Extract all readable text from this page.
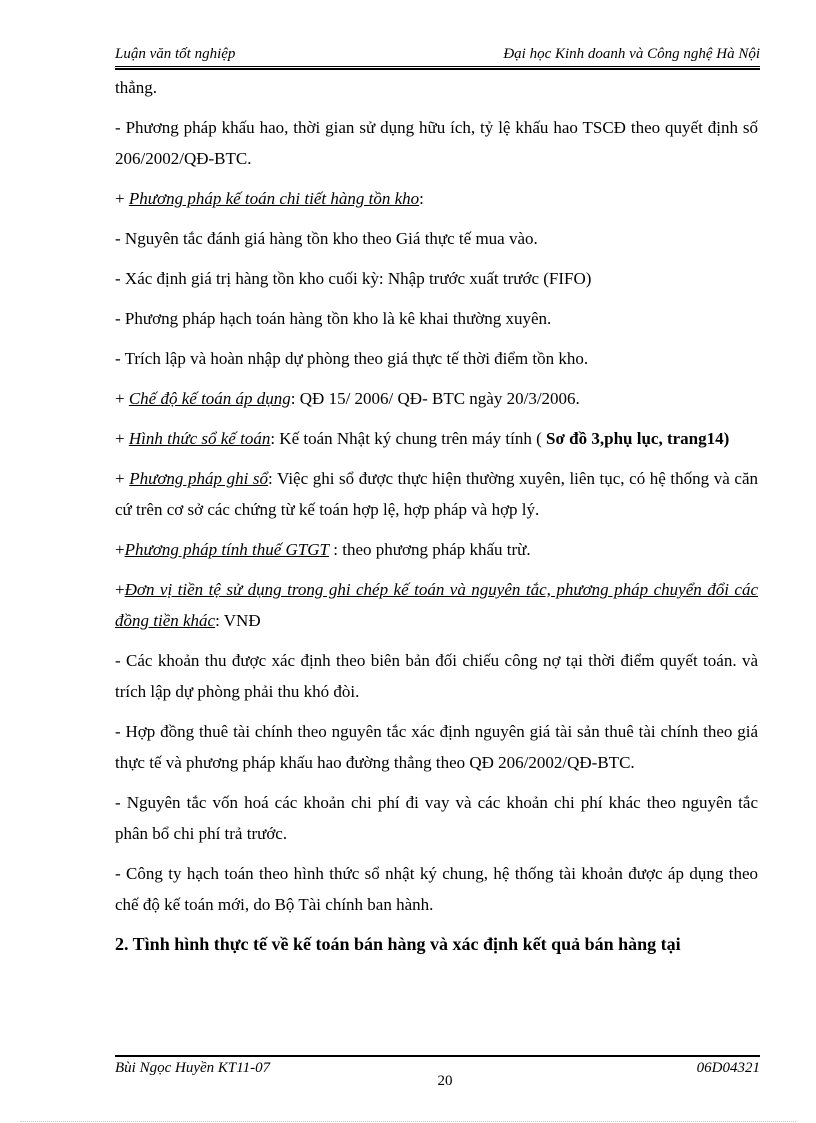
Luận văn tốt nghiệp	Đại học Kinh doanh và Công nghệ Hà Nội

thẳng.

- Phương pháp khấu hao, thời gian sử dụng hữu ích, tỷ lệ khấu hao TSCĐ theo quyết định số 206/2002/QĐ-BTC.

+ Phương pháp kế toán chi tiết hàng tồn kho:

- Nguyên tắc đánh giá hàng tồn kho theo Giá thực tế mua vào.

- Xác định giá trị hàng tồn kho cuối kỳ: Nhập trước xuất trước (FIFO)

- Phương pháp hạch toán hàng tồn kho là kê khai thường xuyên.

- Trích lập và hoàn nhập dự phòng theo giá thực tế thời điểm tồn kho.

+ Chế độ kế toán áp dụng: QĐ 15/ 2006/ QĐ- BTC ngày 20/3/2006.

+ Hình thức sổ kế toán: Kế toán Nhật ký chung trên máy tính ( Sơ đồ 3,phụ lục, trang14)

+ Phương pháp ghi sổ: Việc ghi sổ được thực hiện thường xuyên, liên tục, có hệ thống và căn cứ trên cơ sở các chứng từ kế toán hợp lệ, hợp pháp và hợp lý.

+Phương pháp tính thuế GTGT : theo phương pháp khấu trừ.

+Đơn vị tiền tệ sử dụng trong ghi chép kế toán và nguyên tắc, phương pháp chuyển đổi các đồng tiền khác: VNĐ

- Các khoản thu được xác định theo biên bản đối chiếu công nợ tại thời điểm quyết toán. và trích lập dự phòng phải thu khó đòi.

- Hợp đồng thuê tài chính theo nguyên tắc xác định nguyên giá tài sản thuê tài chính theo giá thực tế và phương pháp khấu hao đường thẳng theo QĐ 206/2002/QĐ-BTC.

- Nguyên tắc vốn hoá các khoản chi phí đi vay và các khoản chi phí khác theo nguyên tắc phân bổ chi phí trả trước.

- Công ty hạch toán theo hình thức sổ nhật ký chung, hệ thống tài khoản được áp dụng theo chế độ kế toán mới, do Bộ Tài chính ban hành.

2. Tình hình thực tế về kế toán bán hàng và xác định kết quả bán hàng tại

Bùi Ngọc Huyền KT11-07	06D04321
20
